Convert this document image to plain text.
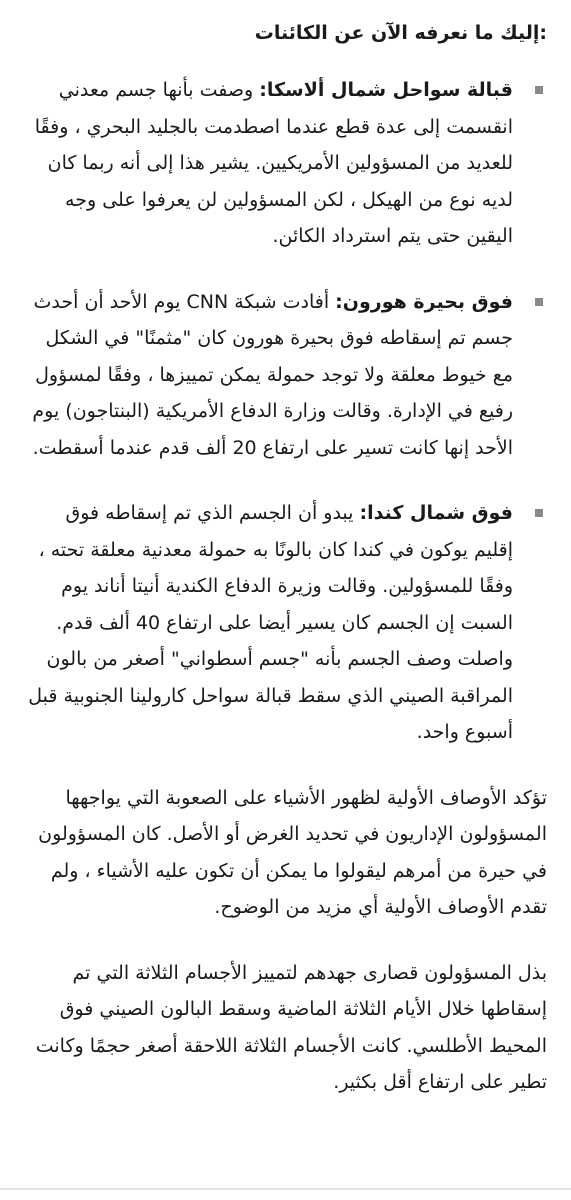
:إليك ما نعرفه الآن عن الكائنات
قبالة سواحل شمال ألاسكا: وصفت بأنها جسم معدني انقسمت إلى عدة قطع عندما اصطدمت بالجليد البحري ، وفقًا للعديد من المسؤولين الأمريكيين. يشير هذا إلى أنه ربما كان لديه نوع من الهيكل ، لكن المسؤولين لن يعرفوا على وجه اليقين حتى يتم استرداد الكائن.
فوق بحيرة هورون: أفادت شبكة CNN يوم الأحد أن أحدث جسم تم إسقاطه فوق بحيرة هورون كان "مثمنًا" في الشكل مع خيوط معلقة ولا توجد حمولة يمكن تمييزها ، وفقًا لمسؤول رفيع في الإدارة. وقالت وزارة الدفاع الأمريكية (البنتاجون) يوم الأحد إنها كانت تسير على ارتفاع 20 ألف قدم عندما أسقطت.
فوق شمال كندا: يبدو أن الجسم الذي تم إسقاطه فوق إقليم يوكون في كندا كان بالونًا به حمولة معدنية معلقة تحته ، وفقًا للمسؤولين. وقالت وزيرة الدفاع الكندية أنيتا أناند يوم السبت إن الجسم كان يسير أيضا على ارتفاع 40 ألف قدم. واصلت وصف الجسم بأنه "جسم أسطواني" أصغر من بالون المراقبة الصيني الذي سقط قبالة سواحل كارولينا الجنوبية قبل أسبوع واحد.

تؤكد الأوصاف الأولية لظهور الأشياء على الصعوبة التي يواجهها المسؤولون الإداريون في تحديد الغرض أو الأصل. كان المسؤولون في حيرة من أمرهم ليقولوا ما يمكن أن تكون عليه الأشياء ، ولم تقدم الأوصاف الأولية أي مزيد من الوضوح.

بذل المسؤولون قصارى جهدهم لتمييز الأجسام الثلاثة التي تم إسقاطها خلال الأيام الثلاثة الماضية وسقط البالون الصيني فوق المحيط الأطلسي. كانت الأجسام الثلاثة اللاحقة أصغر حجمًا وكانت تطير على ارتفاع أقل بكثير.
